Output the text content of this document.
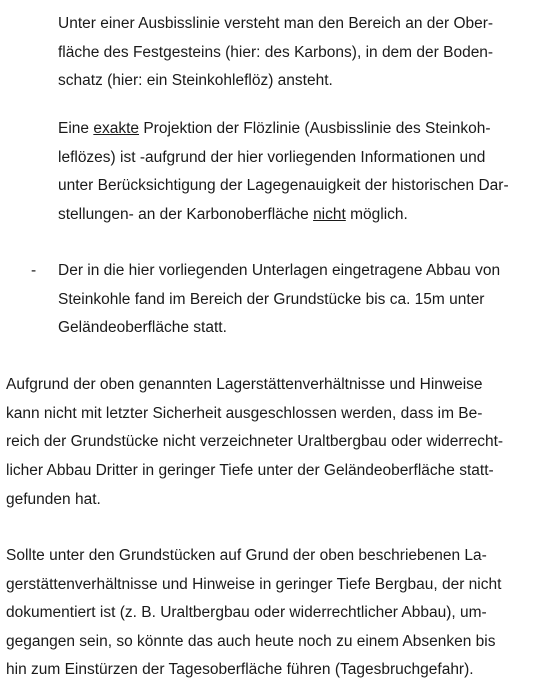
Unter einer Ausbisslinie versteht man den Bereich an der Ober-
fläche des Festgesteins (hier: des Karbons), in dem der Boden-
schatz (hier: ein Steinkohleflöz) ansteht.
Eine exakte Projektion der Flözlinie (Ausbisslinie des Steinkoh-
leflözes) ist -aufgrund der hier vorliegenden Informationen und
unter Berücksichtigung der Lagegenauigkeit der historischen Dar-
stellungen- an der Karbonoberfläche nicht möglich.
- Der in die hier vorliegenden Unterlagen eingetragene Abbau von
Steinkohle fand im Bereich der Grundstücke bis ca. 15m unter
Geländeoberfläche statt.
Aufgrund der oben genannten Lagerstättenverhältnisse und Hinweise
kann nicht mit letzter Sicherheit ausgeschlossen werden, dass im Be-
reich der Grundstücke nicht verzeichneter Uraltbergbau oder widerrecht-
licher Abbau Dritter in geringer Tiefe unter der Geländeoberfläche statt-
gefunden hat.
Sollte unter den Grundstücken auf Grund der oben beschriebenen La-
gerstättenverhältnisse und Hinweise in geringer Tiefe Bergbau, der nicht
dokumentiert ist (z. B. Uraltbergbau oder widerrechtlicher Abbau), um-
gegangen sein, so könnte das auch heute noch zu einem Absenken bis
hin zum Einstürzen der Tagesoberfläche führen (Tagesbruchgefahr).
